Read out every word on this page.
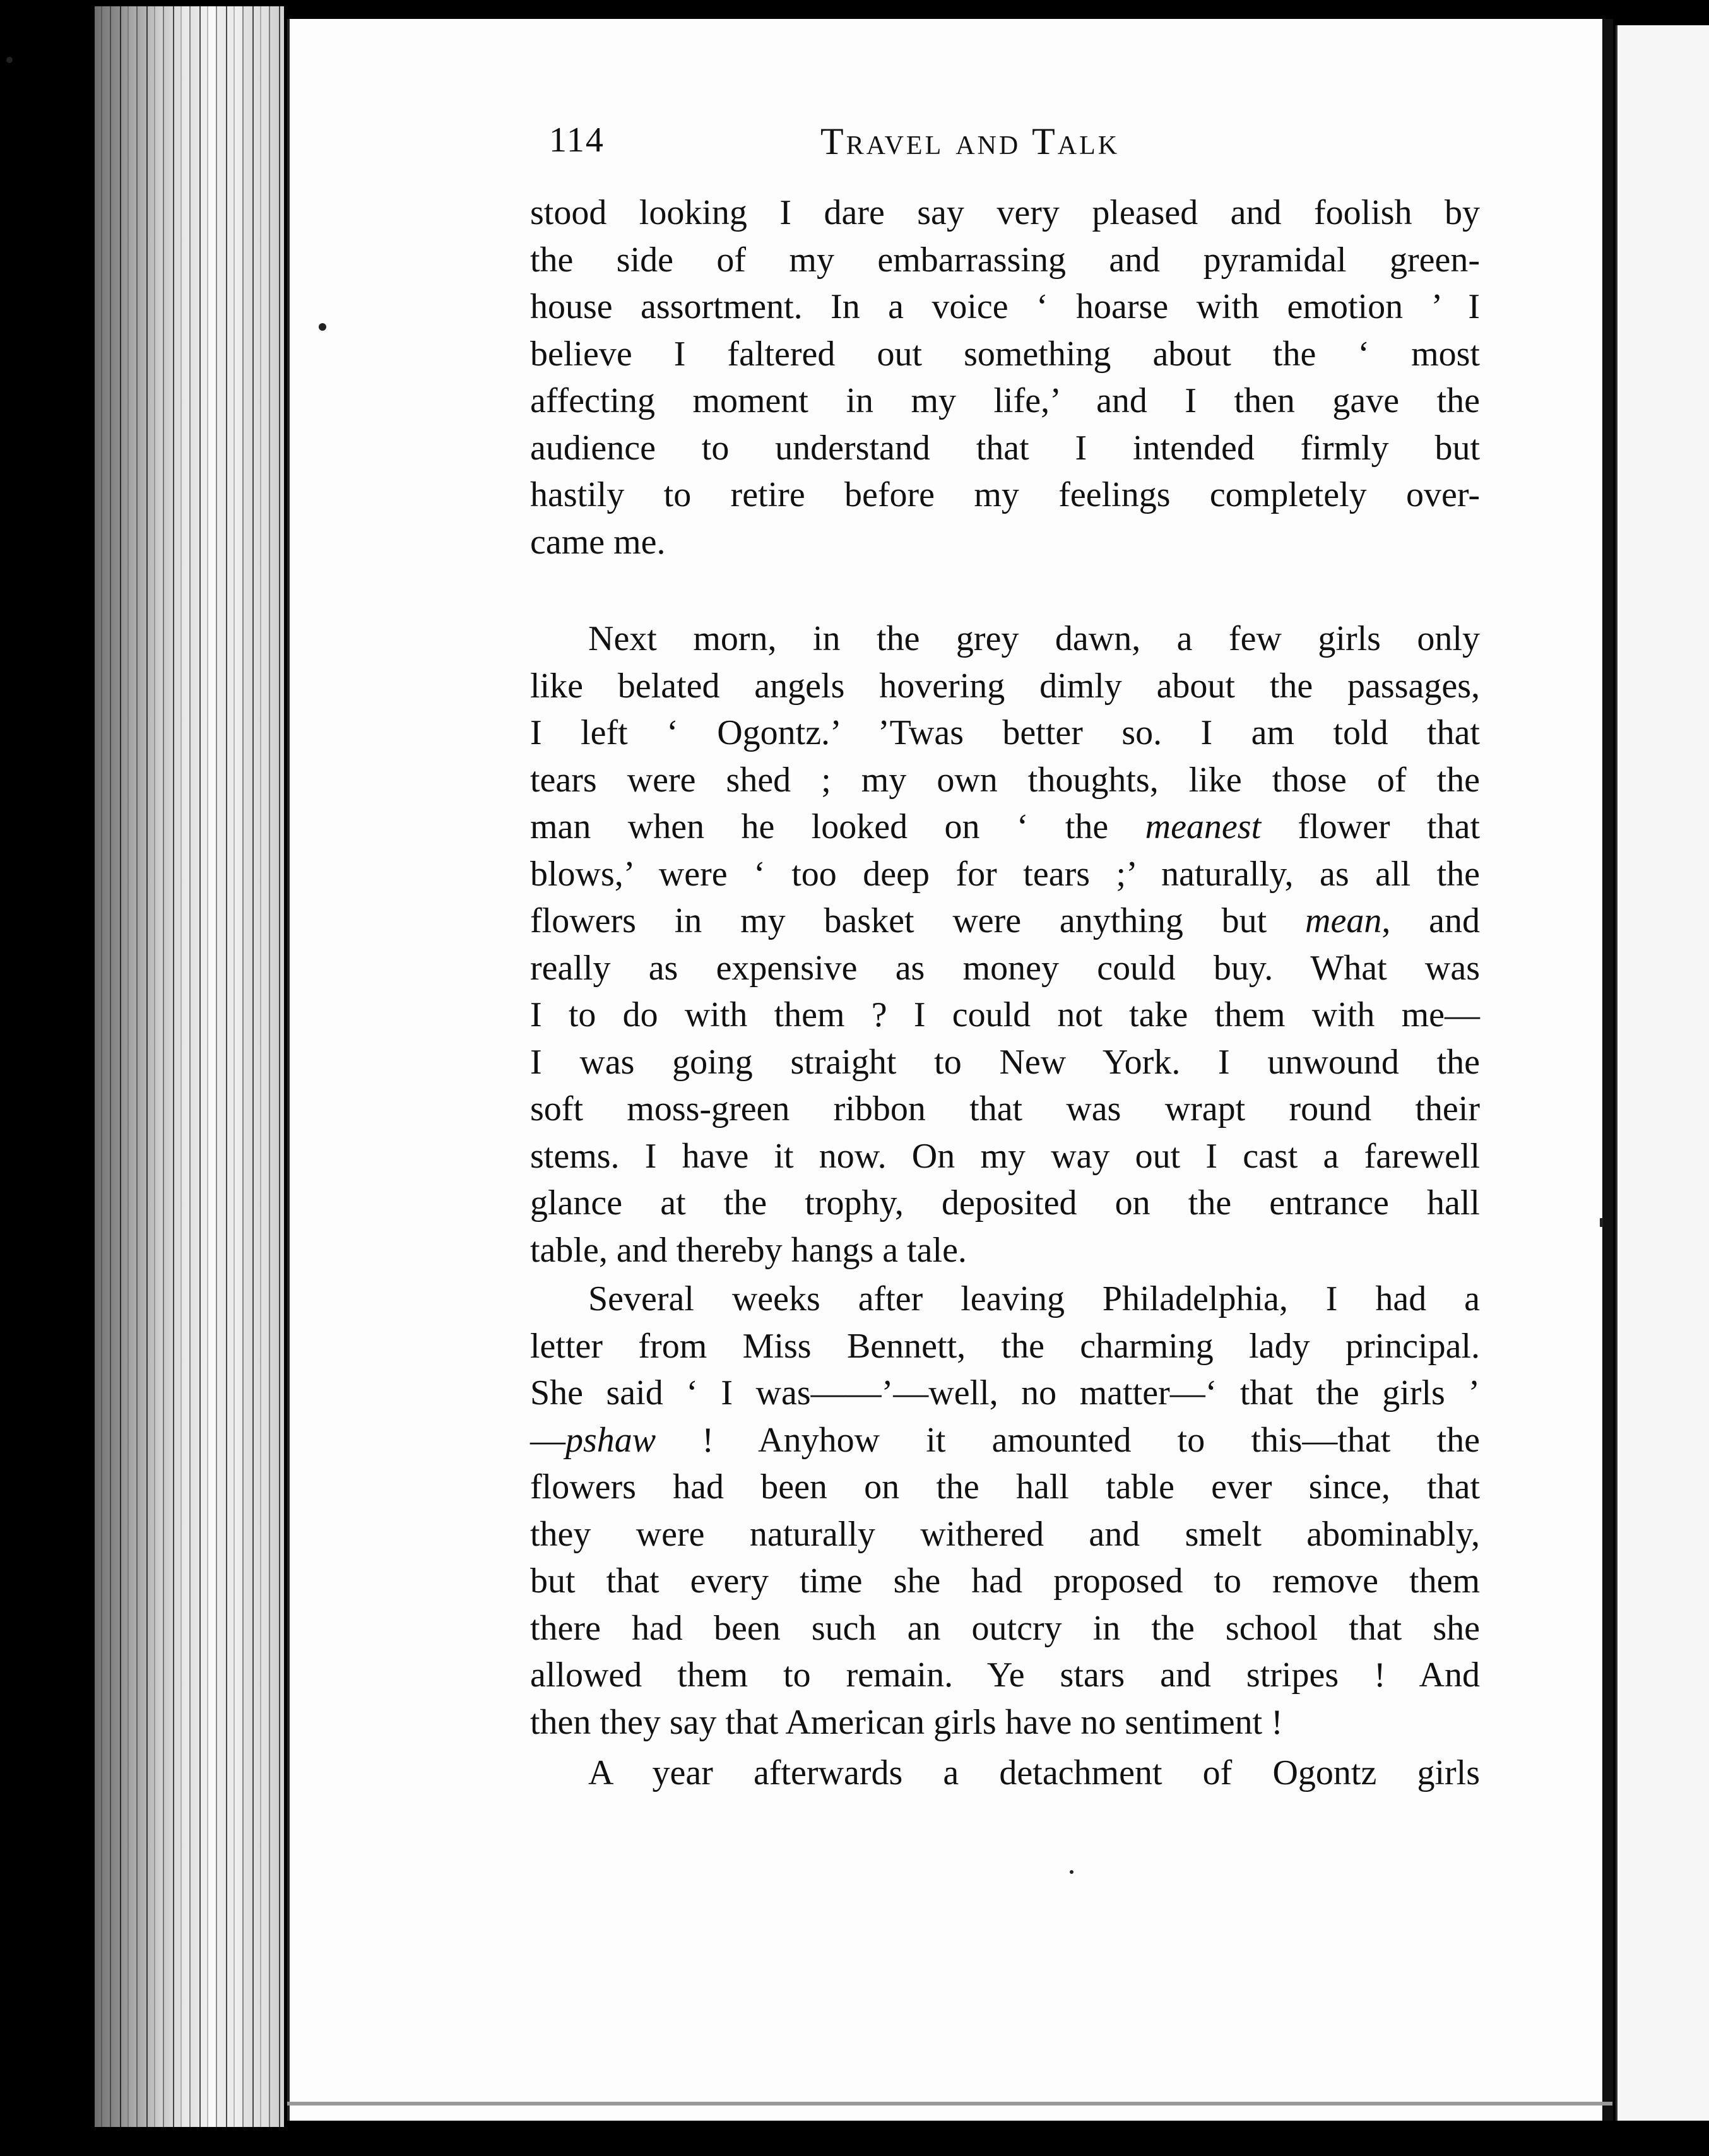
114	Travel and Talk
stood looking I dare say very pleased and foolish by
the side of my embarrassing and pyramidal green-
house assortment. In a voice ‘ hoarse with emotion ’ I
believe I faltered out something about the ‘ most
affecting moment in my life,’ and I then gave the
audience to understand that I intended firmly but
hastily to retire before my feelings completely over-
came me.
Next morn, in the grey dawn, a few girls only
like belated angels hovering dimly about the passages,
I left ‘ Ogontz.’ ’Twas better so. I am told that
tears were shed ; my own thoughts, like those of the
man when he looked on ‘ the meanest flower that
blows,’ were ‘ too deep for tears ;’ naturally, as all the
flowers in my basket were anything but mean, and
really as expensive as money could buy. What was
I to do with them ? I could not take them with me—
I was going straight to New York. I unwound the
soft moss-green ribbon that was wrapt round their
stems. I have it now. On my way out I cast a farewell
glance at the trophy, deposited on the entrance hall
table, and thereby hangs a tale.
Several weeks after leaving Philadelphia, I had a
letter from Miss Bennett, the charming lady principal.
She said ‘ I was——’—well, no matter—‘ that the girls ’
—pshaw ! Anyhow it amounted to this—that the
flowers had been on the hall table ever since, that
they were naturally withered and smelt abominably,
but that every time she had proposed to remove them
there had been such an outcry in the school that she
allowed them to remain. Ye stars and stripes ! And
then they say that American girls have no sentiment !
A year afterwards a detachment of Ogontz girls
